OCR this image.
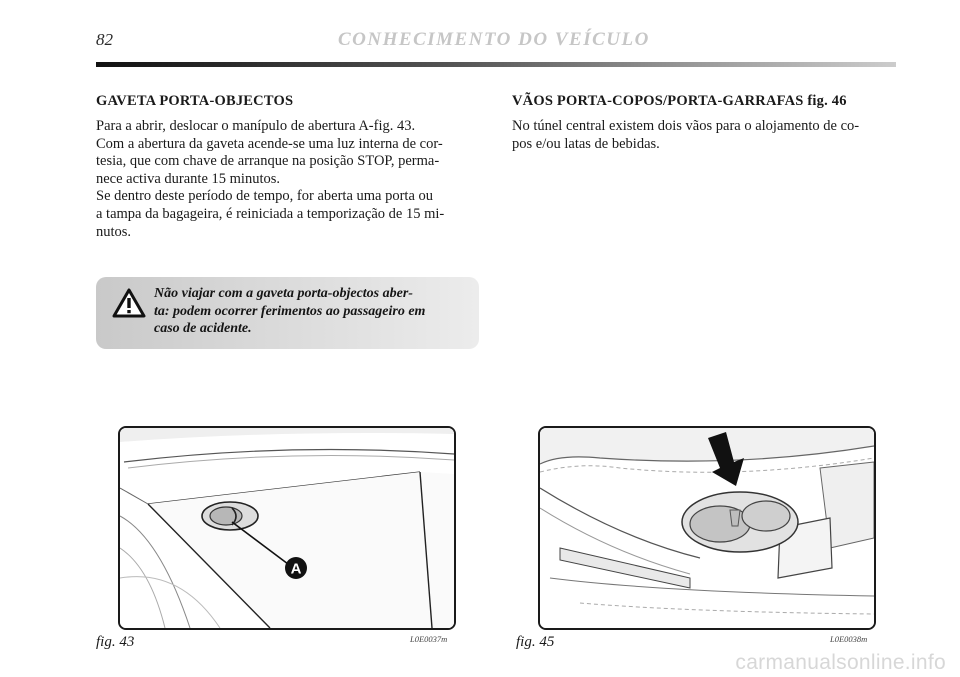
82	CONHECIMENTO DO VEÍCULO
GAVETA PORTA-OBJECTOS

Para a abrir, deslocar o manípulo de abertura A-fig. 43.
Com a abertura da gaveta acende-se uma luz interna de cor-
tesia, que com chave de arranque na posição STOP, perma-
nece activa durante 15 minutos.
Se dentro deste período de tempo, for aberta uma porta ou
a tampa da bagageira, é reiniciada a temporização de 15 mi-
nutos.

Não viajar com a gaveta porta-objectos aber-
ta: podem ocorrer ferimentos ao passageiro em
caso de acidente.
VÃOS PORTA-COPOS/PORTA-GARRAFAS fig. 46

No túnel central existem dois vãos para o alojamento de co-
pos e/ou latas de bebidas.

A
fig. 43	L0E0037m	fig. 45	L0E0038m
carmanualsonline.info
